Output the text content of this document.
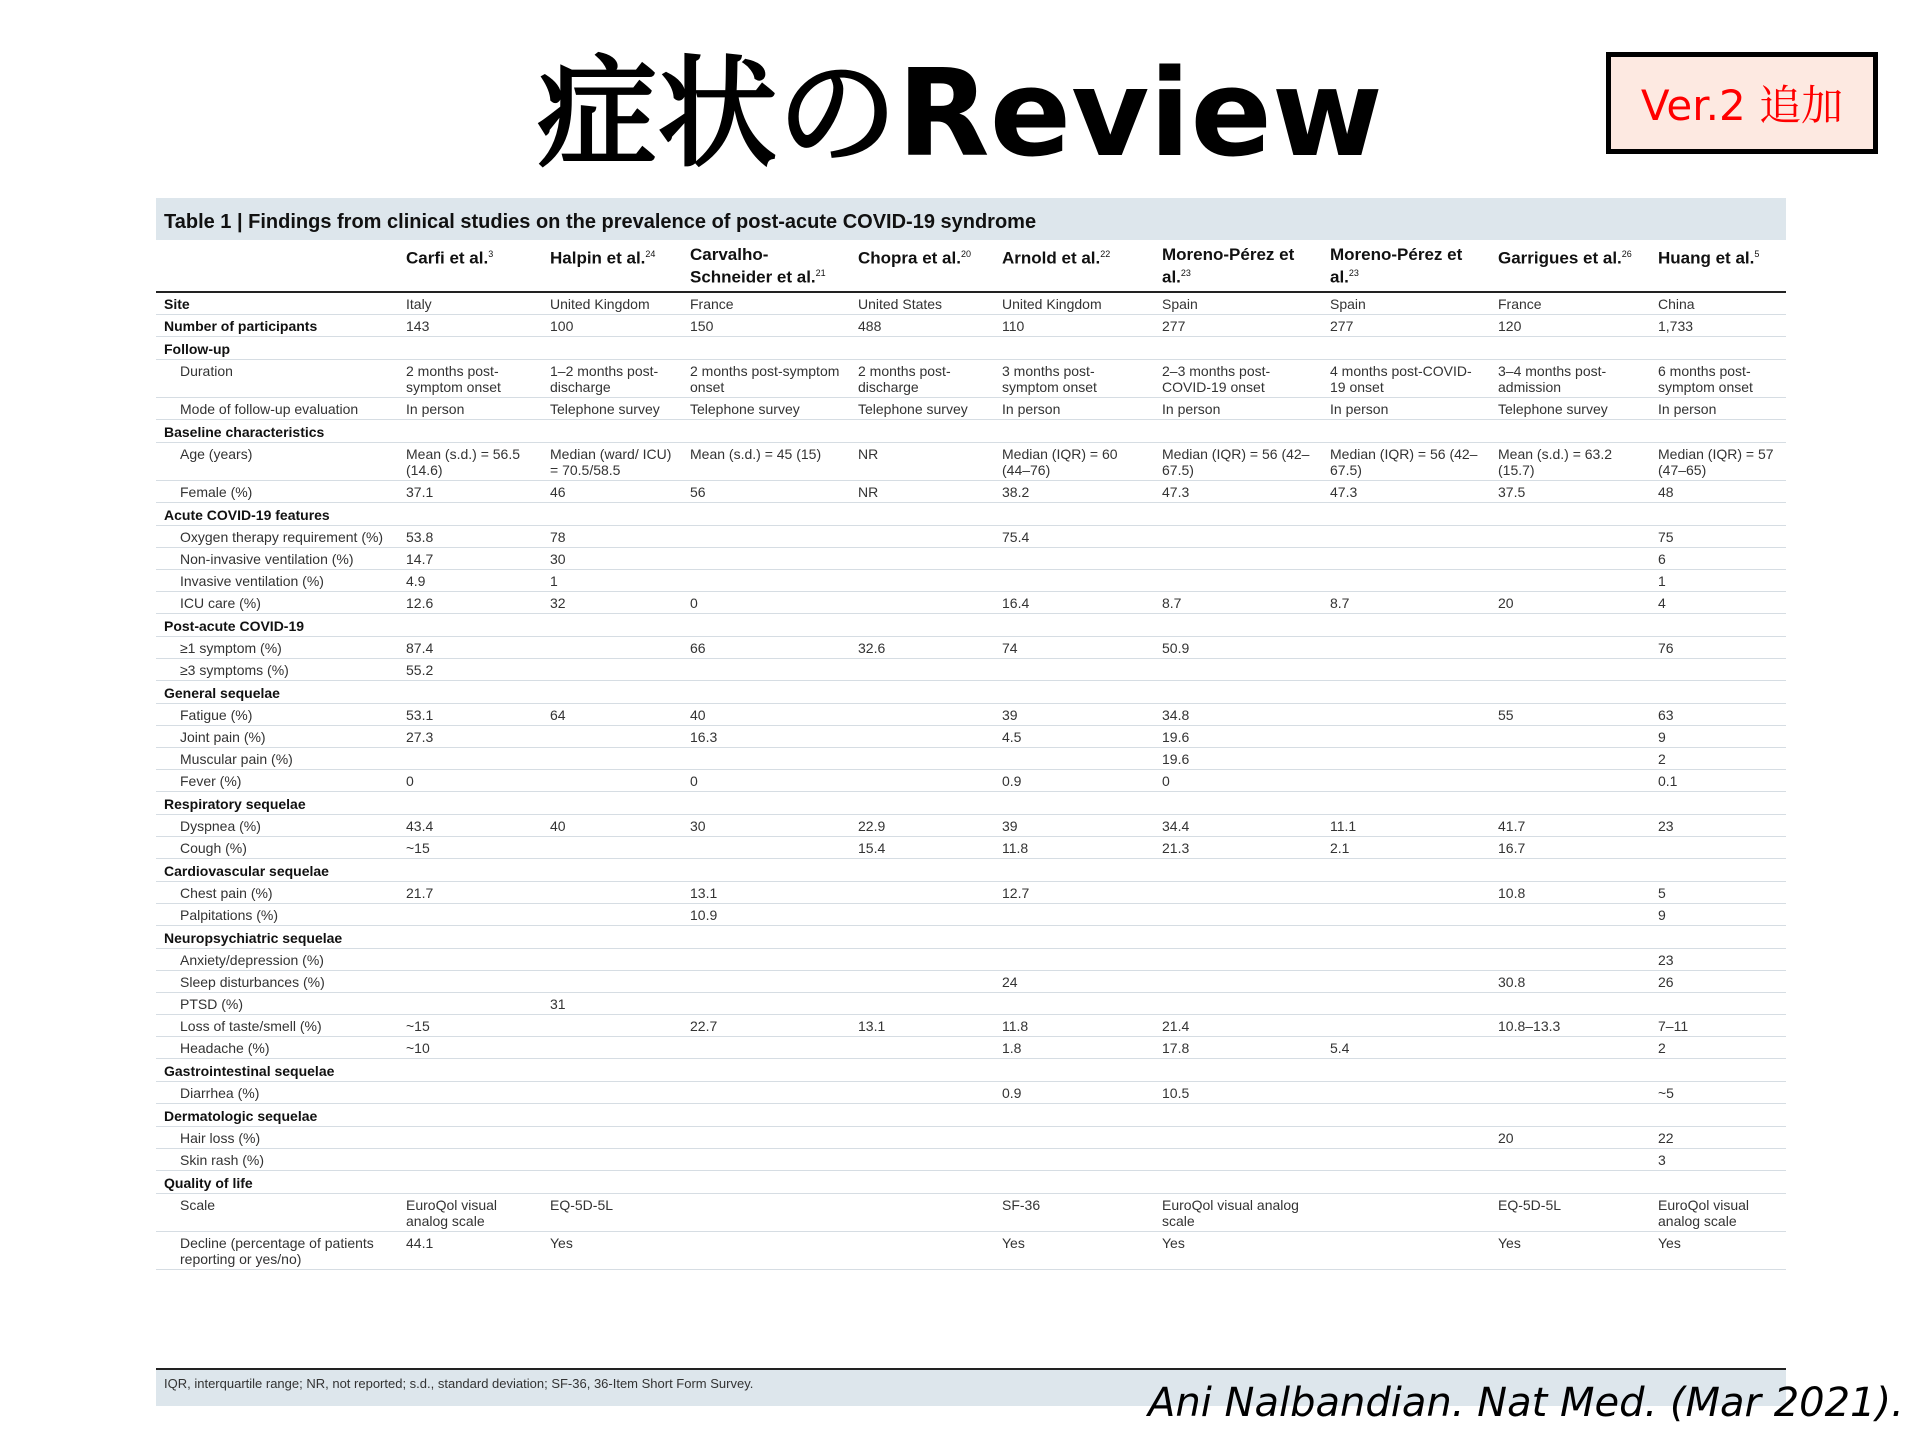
症状のReview	Ver.2 追加
Table 1 | Findings from clinical studies on the prevalence of post-acute COVID-19 syndrome
	Carfi et al.$^3$	Halpin et al.$^{24}$	Carvalho-Schneider et al.$^{21}$	Chopra et al.$^{20}$	Arnold et al.$^{22}$	Moreno-Pérez et al.$^{23}$	Moreno-Pérez et al.$^{23}$	Garrigues et al.$^{26}$	Huang et al.$^5$
Site	Italy	United Kingdom	France	United States	United Kingdom	Spain	Spain	France	China
Number of participants	143	100	150	488	110	277	277	120	1,733
Follow-up									
Duration	2 months post-symptom onset	1–2 months post-discharge	2 months post-symptom onset	2 months post-discharge	3 months post-symptom onset	2–3 months post-COVID-19 onset	4 months post-COVID-19 onset	3–4 months post-admission	6 months post-symptom onset
Mode of follow-up evaluation	In person	Telephone survey	Telephone survey	Telephone survey	In person	In person	In person	Telephone survey	In person
Baseline characteristics									
Age (years)	Mean (s.d.) = 56.5 (14.6)	Median (ward/ ICU) = 70.5/58.5	Mean (s.d.) = 45 (15)	NR	Median (IQR) = 60 (44–76)	Median (IQR) = 56 (42–67.5)	Median (IQR) = 56 (42–67.5)	Mean (s.d.) = 63.2 (15.7)	Median (IQR) = 57 (47–65)
Female (%)	37.1	46	56	NR	38.2	47.3	47.3	37.5	48
Acute COVID-19 features									
Oxygen therapy requirement (%)	53.8	78			75.4				75
Non-invasive ventilation (%)	14.7	30							6
Invasive ventilation (%)	4.9	1							1
ICU care (%)	12.6	32	0		16.4	8.7	8.7	20	4
Post-acute COVID-19									
≥1 symptom (%)	87.4		66	32.6	74	50.9			76
≥3 symptoms (%)	55.2								
General sequelae									
Fatigue (%)	53.1	64	40		39	34.8		55	63
Joint pain (%)	27.3		16.3		4.5	19.6			9
Muscular pain (%)						19.6			2
Fever (%)	0		0		0.9	0			0.1
Respiratory sequelae									
Dyspnea (%)	43.4	40	30	22.9	39	34.4	11.1	41.7	23
Cough (%)	~15			15.4	11.8	21.3	2.1	16.7	
Cardiovascular sequelae									
Chest pain (%)	21.7		13.1		12.7			10.8	5
Palpitations (%)			10.9						9
Neuropsychiatric sequelae									
Anxiety/depression (%)									23
Sleep disturbances (%)					24			30.8	26
PTSD (%)		31							
Loss of taste/smell (%)	~15		22.7	13.1	11.8	21.4		10.8–13.3	7–11
Headache (%)	~10				1.8	17.8	5.4		2
Gastrointestinal sequelae									
Diarrhea (%)					0.9	10.5			~5
Dermatologic sequelae									
Hair loss (%)								20	22
Skin rash (%)									3
Quality of life									
Scale	EuroQol visual analog scale	EQ-5D-5L			SF-36	EuroQol visual analog scale		EQ-5D-5L	EuroQol visual analog scale
Decline (percentage of patients reporting or yes/no)	44.1	Yes			Yes	Yes		Yes	Yes
IQR, interquartile range; NR, not reported; s.d., standard deviation; SF-36, 36-Item Short Form Survey.	Ani Nalbandian. Nat Med. (Mar 2021).
